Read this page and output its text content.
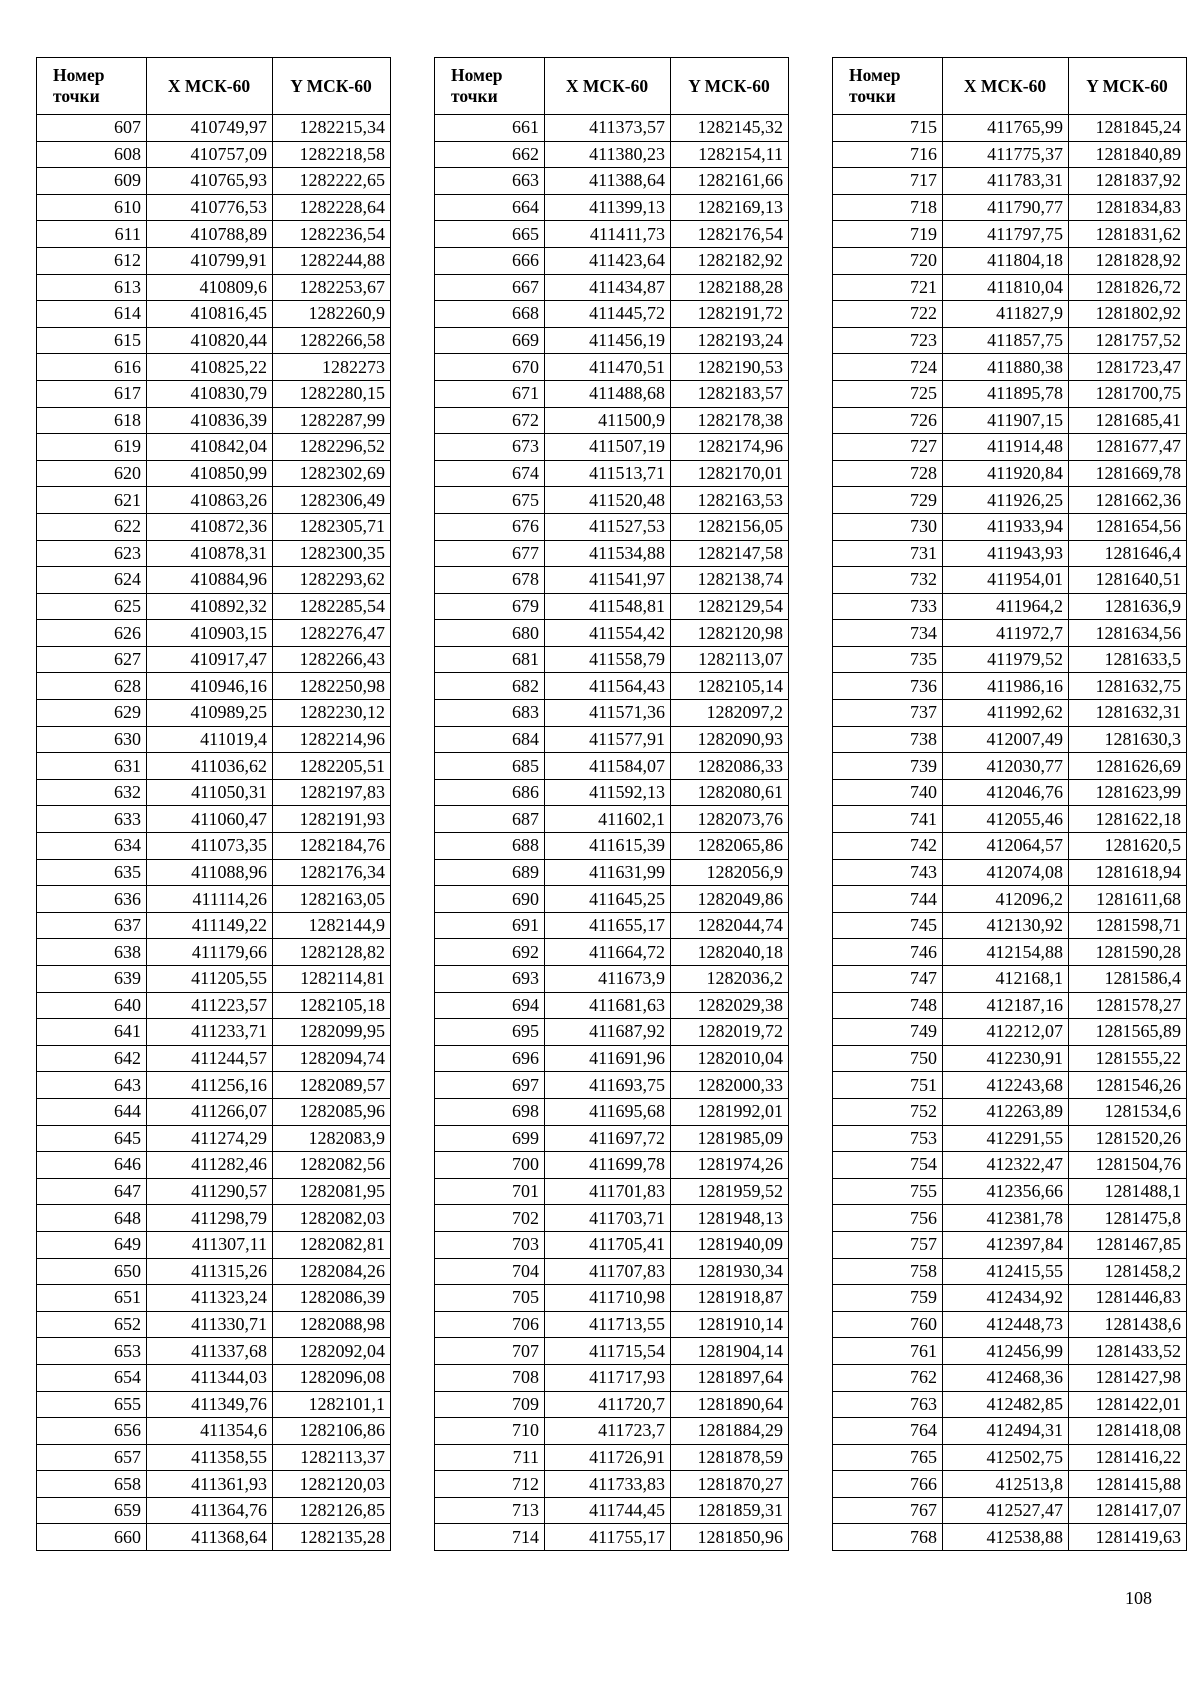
Номер
точки	X МСК-60	Y МСК-60
607	410749,97	1282215,34
608	410757,09	1282218,58
609	410765,93	1282222,65
610	410776,53	1282228,64
611	410788,89	1282236,54
612	410799,91	1282244,88
613	410809,6	1282253,67
614	410816,45	1282260,9
615	410820,44	1282266,58
616	410825,22	1282273
617	410830,79	1282280,15
618	410836,39	1282287,99
619	410842,04	1282296,52
620	410850,99	1282302,69
621	410863,26	1282306,49
622	410872,36	1282305,71
623	410878,31	1282300,35
624	410884,96	1282293,62
625	410892,32	1282285,54
626	410903,15	1282276,47
627	410917,47	1282266,43
628	410946,16	1282250,98
629	410989,25	1282230,12
630	411019,4	1282214,96
631	411036,62	1282205,51
632	411050,31	1282197,83
633	411060,47	1282191,93
634	411073,35	1282184,76
635	411088,96	1282176,34
636	411114,26	1282163,05
637	411149,22	1282144,9
638	411179,66	1282128,82
639	411205,55	1282114,81
640	411223,57	1282105,18
641	411233,71	1282099,95
642	411244,57	1282094,74
643	411256,16	1282089,57
644	411266,07	1282085,96
645	411274,29	1282083,9
646	411282,46	1282082,56
647	411290,57	1282081,95
648	411298,79	1282082,03
649	411307,11	1282082,81
650	411315,26	1282084,26
651	411323,24	1282086,39
652	411330,71	1282088,98
653	411337,68	1282092,04
654	411344,03	1282096,08
655	411349,76	1282101,1
656	411354,6	1282106,86
657	411358,55	1282113,37
658	411361,93	1282120,03
659	411364,76	1282126,85
660	411368,64	1282135,28
Номер
точки	X МСК-60	Y МСК-60
661	411373,57	1282145,32
662	411380,23	1282154,11
663	411388,64	1282161,66
664	411399,13	1282169,13
665	411411,73	1282176,54
666	411423,64	1282182,92
667	411434,87	1282188,28
668	411445,72	1282191,72
669	411456,19	1282193,24
670	411470,51	1282190,53
671	411488,68	1282183,57
672	411500,9	1282178,38
673	411507,19	1282174,96
674	411513,71	1282170,01
675	411520,48	1282163,53
676	411527,53	1282156,05
677	411534,88	1282147,58
678	411541,97	1282138,74
679	411548,81	1282129,54
680	411554,42	1282120,98
681	411558,79	1282113,07
682	411564,43	1282105,14
683	411571,36	1282097,2
684	411577,91	1282090,93
685	411584,07	1282086,33
686	411592,13	1282080,61
687	411602,1	1282073,76
688	411615,39	1282065,86
689	411631,99	1282056,9
690	411645,25	1282049,86
691	411655,17	1282044,74
692	411664,72	1282040,18
693	411673,9	1282036,2
694	411681,63	1282029,38
695	411687,92	1282019,72
696	411691,96	1282010,04
697	411693,75	1282000,33
698	411695,68	1281992,01
699	411697,72	1281985,09
700	411699,78	1281974,26
701	411701,83	1281959,52
702	411703,71	1281948,13
703	411705,41	1281940,09
704	411707,83	1281930,34
705	411710,98	1281918,87
706	411713,55	1281910,14
707	411715,54	1281904,14
708	411717,93	1281897,64
709	411720,7	1281890,64
710	411723,7	1281884,29
711	411726,91	1281878,59
712	411733,83	1281870,27
713	411744,45	1281859,31
714	411755,17	1281850,96
Номер
точки	X МСК-60	Y МСК-60
715	411765,99	1281845,24
716	411775,37	1281840,89
717	411783,31	1281837,92
718	411790,77	1281834,83
719	411797,75	1281831,62
720	411804,18	1281828,92
721	411810,04	1281826,72
722	411827,9	1281802,92
723	411857,75	1281757,52
724	411880,38	1281723,47
725	411895,78	1281700,75
726	411907,15	1281685,41
727	411914,48	1281677,47
728	411920,84	1281669,78
729	411926,25	1281662,36
730	411933,94	1281654,56
731	411943,93	1281646,4
732	411954,01	1281640,51
733	411964,2	1281636,9
734	411972,7	1281634,56
735	411979,52	1281633,5
736	411986,16	1281632,75
737	411992,62	1281632,31
738	412007,49	1281630,3
739	412030,77	1281626,69
740	412046,76	1281623,99
741	412055,46	1281622,18
742	412064,57	1281620,5
743	412074,08	1281618,94
744	412096,2	1281611,68
745	412130,92	1281598,71
746	412154,88	1281590,28
747	412168,1	1281586,4
748	412187,16	1281578,27
749	412212,07	1281565,89
750	412230,91	1281555,22
751	412243,68	1281546,26
752	412263,89	1281534,6
753	412291,55	1281520,26
754	412322,47	1281504,76
755	412356,66	1281488,1
756	412381,78	1281475,8
757	412397,84	1281467,85
758	412415,55	1281458,2
759	412434,92	1281446,83
760	412448,73	1281438,6
761	412456,99	1281433,52
762	412468,36	1281427,98
763	412482,85	1281422,01
764	412494,31	1281418,08
765	412502,75	1281416,22
766	412513,8	1281415,88
767	412527,47	1281417,07
768	412538,88	1281419,63
108
